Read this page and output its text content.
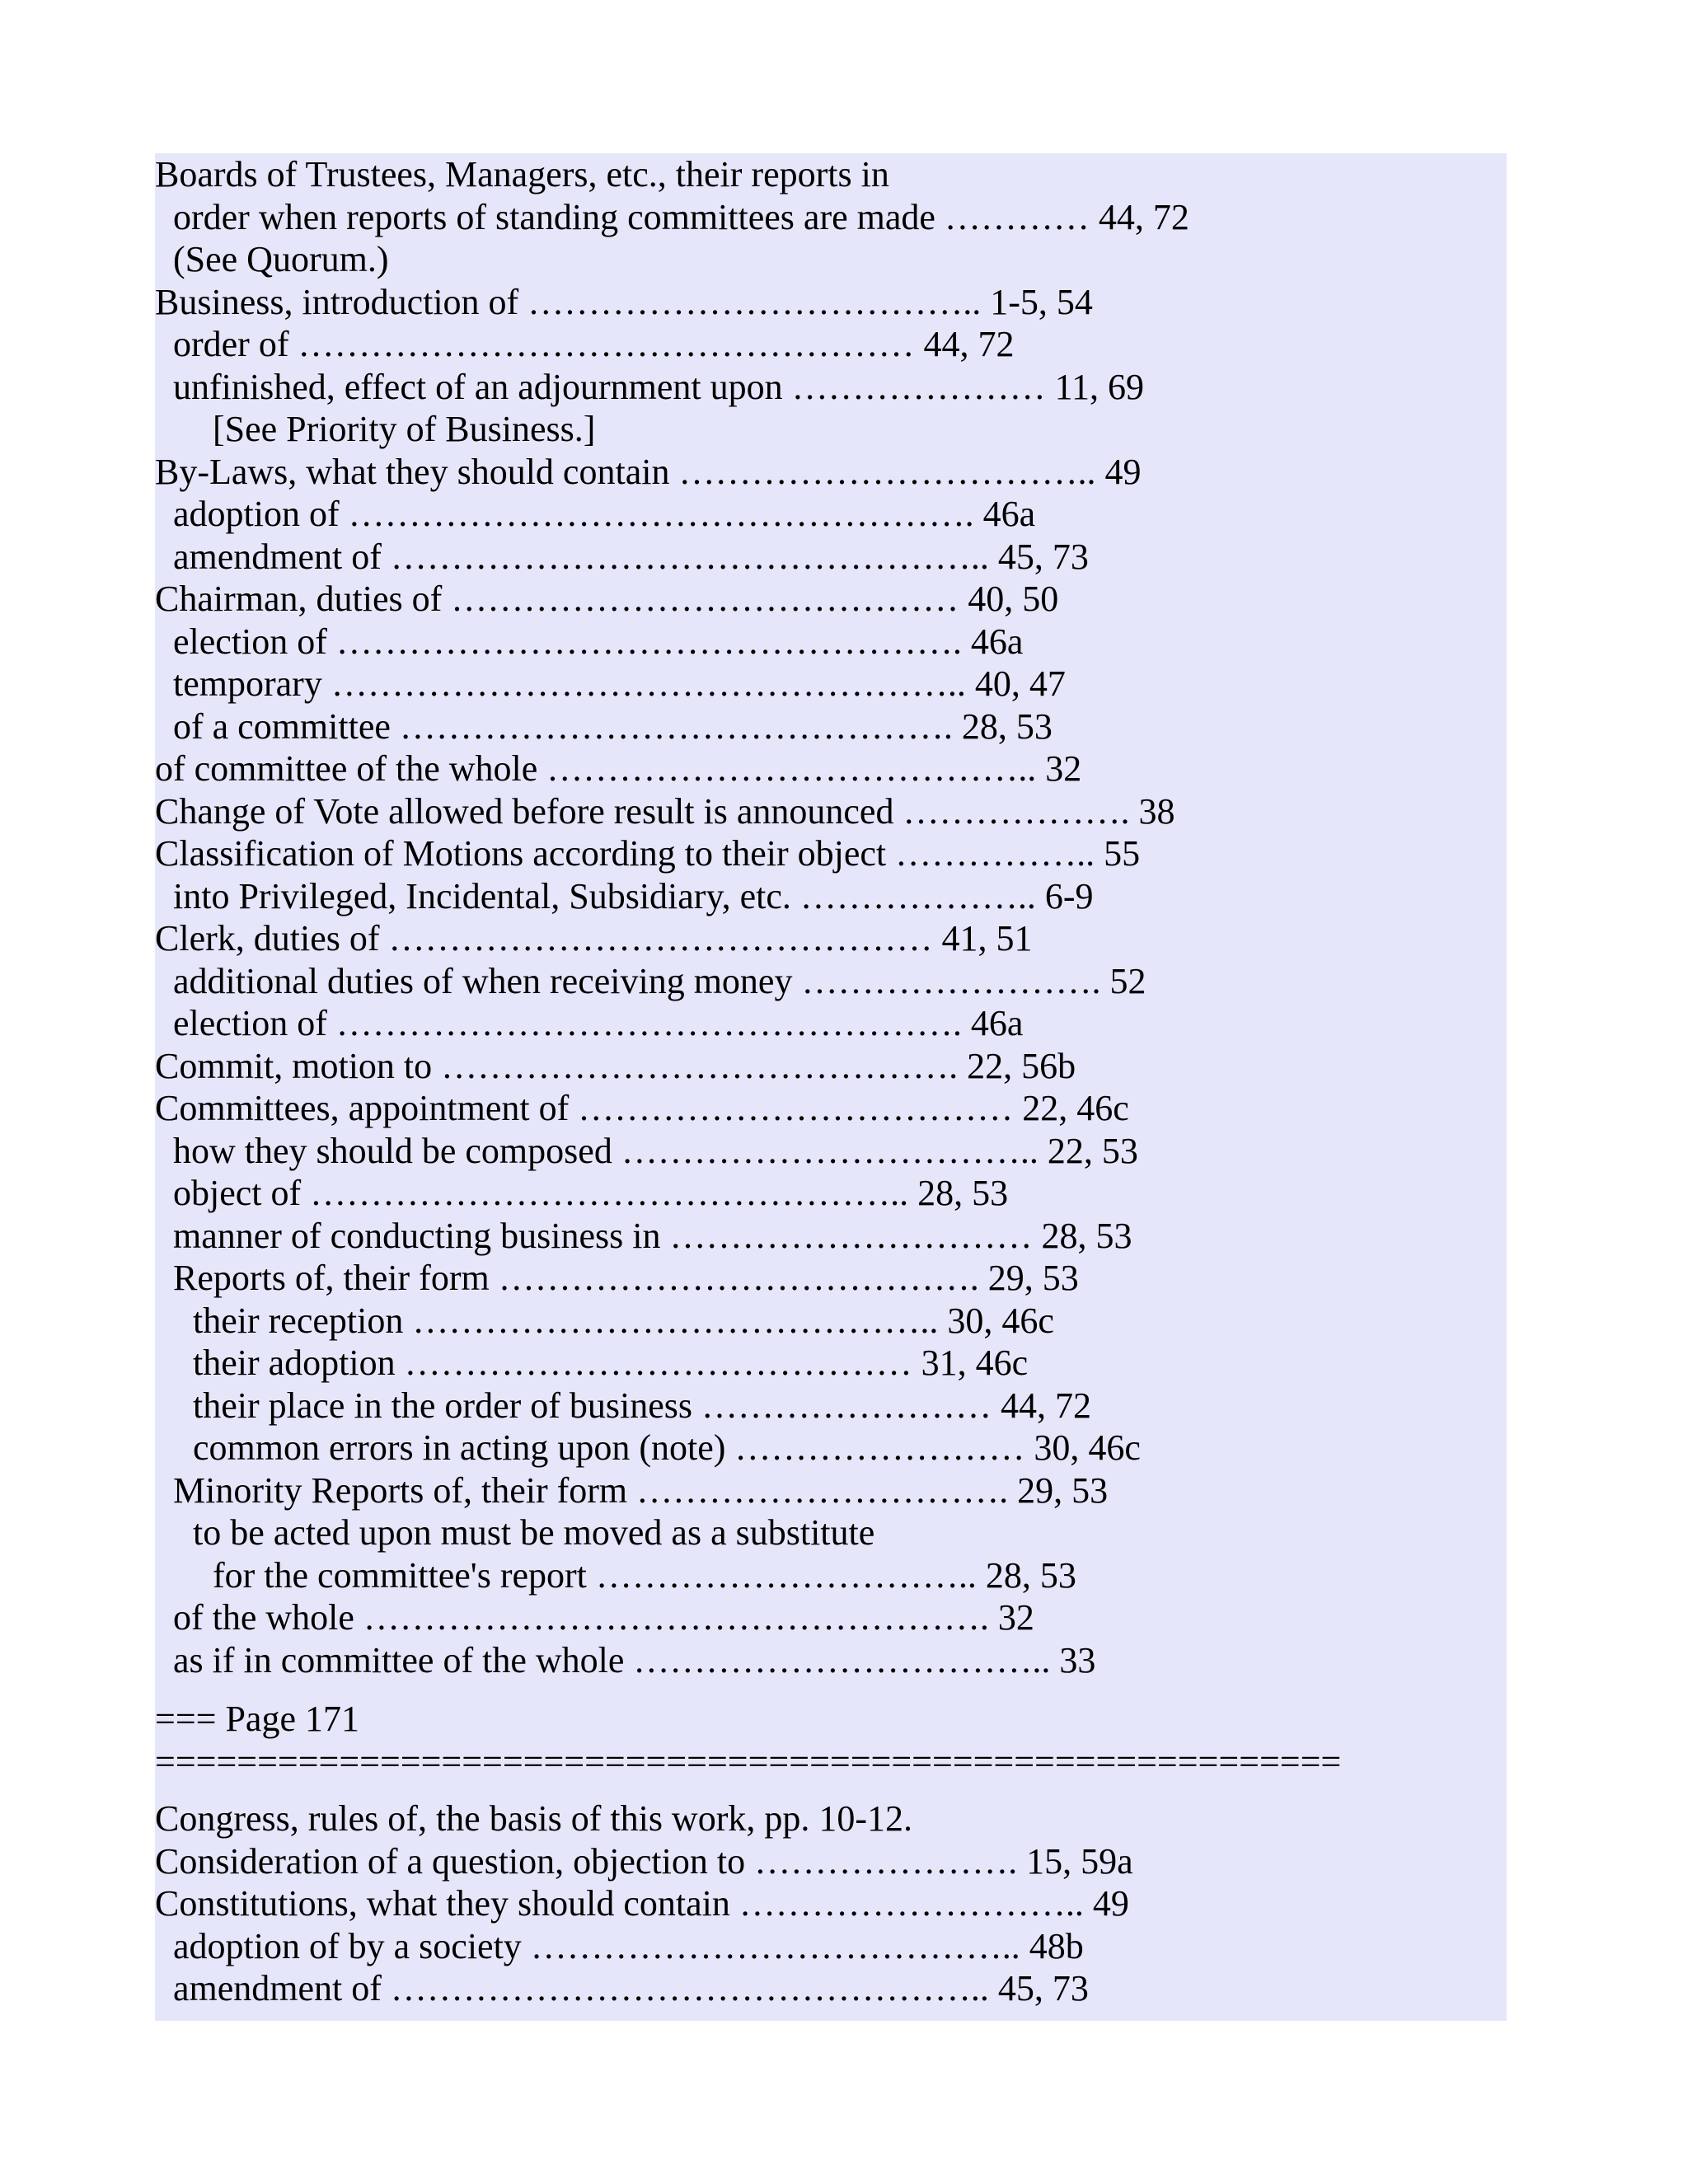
Boards of Trustees, Managers, etc., their reports in
order when reports of standing committees are made ………… 44, 72
(See Quorum.)
Business, introduction of ……………………………….. 1-5, 54
order of …………………………………………… 44, 72
unfinished, effect of an adjournment upon ………………… 11, 69
[See Priority of Business.]
By-Laws, what they should contain …………………………….. 49
adoption of ……………………………………………. 46a
amendment of ………………………………………….. 45, 73
Chairman, duties of …………………………………… 40, 50
election of ……………………………………………. 46a
temporary …………………………………………….. 40, 47
of a committee ………………………………………. 28, 53
of committee of the whole ………………………………….. 32
Change of Vote allowed before result is announced ………………. 38
Classification of Motions according to their object …………….. 55
into Privileged, Incidental, Subsidiary, etc. ……………….. 6-9
Clerk, duties of ……………………………………… 41, 51
additional duties of when receiving money ……………………. 52
election of ……………………………………………. 46a
Commit, motion to ……………………………………. 22, 56b
Committees, appointment of ……………………………… 22, 46c
how they should be composed …………………………….. 22, 53
object of ………………………………………….. 28, 53
manner of conducting business in ………………………… 28, 53
Reports of, their form …………………………………. 29, 53
their reception …………………………………….. 30, 46c
their adoption …………………………………… 31, 46c
their place in the order of business …………………… 44, 72
common errors in acting upon (note) …………………… 30, 46c
Minority Reports of, their form …………………………. 29, 53
to be acted upon must be moved as a substitute
for the committee's report ………………………….. 28, 53
of the whole ……………………………………………. 32
as if in committee of the whole …………………………….. 33
=== Page 171
==========================================================
Congress, rules of, the basis of this work, pp. 10-12.
Consideration of a question, objection to …………………. 15, 59a
Constitutions, what they should contain ……………………….. 49
adoption of by a society ………………………………….. 48b
amendment of ………………………………………….. 45, 73
